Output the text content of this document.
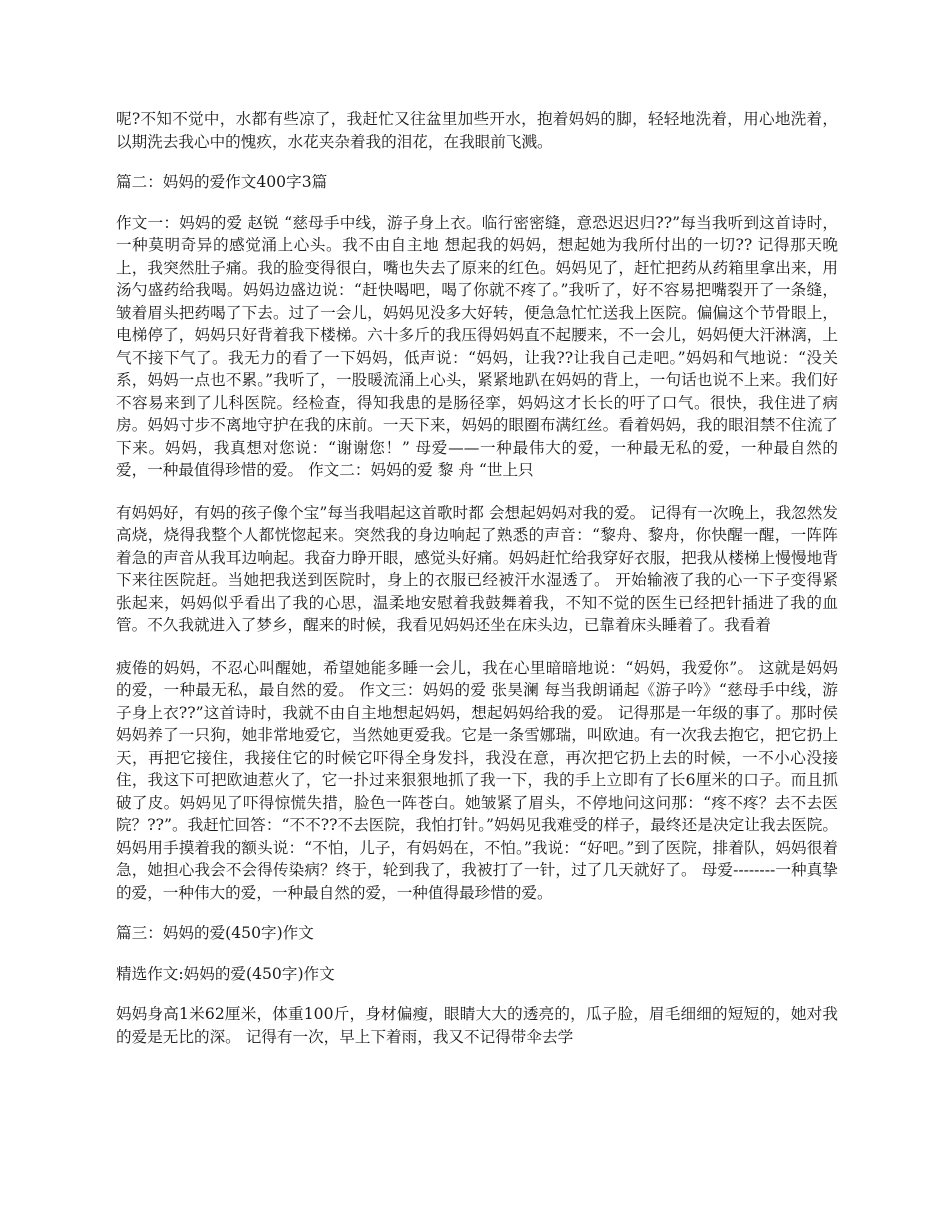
呢?不知不觉中，水都有些凉了，我赶忙又往盆里加些开水，抱着妈妈的脚，轻轻地洗着，用心地洗着，以期洗去我心中的愧疚，水花夹杂着我的泪花，在我眼前飞溅。

篇二：妈妈的爱作文400字3篇

作文一：妈妈的爱 赵锐 “慈母手中线，游子身上衣。临行密密缝，意恐迟迟归??”每当我听到这首诗时，一种莫明奇异的感觉涌上心头。我不由自主地 想起我的妈妈，想起她为我所付出的一切?? 记得那天晚上，我突然肚子痛。我的脸变得很白，嘴也失去了原来的红色。妈妈见了，赶忙把药从药箱里拿出来，用汤勺盛药给我喝。妈妈边盛边说：“赶快喝吧，喝了你就不疼了。”我听了，好不容易把嘴裂开了一条缝，皱着眉头把药喝了下去。过了一会儿，妈妈见没多大好转，便急急忙忙送我上医院。偏偏这个节骨眼上，电梯停了，妈妈只好背着我下楼梯。六十多斤的我压得妈妈直不起腰来，不一会儿，妈妈便大汗淋漓，上气不接下气了。我无力的看了一下妈妈，低声说：“妈妈，让我??让我自己走吧。”妈妈和气地说：“没关系，妈妈一点也不累。”我听了，一股暖流涌上心头，紧紧地趴在妈妈的背上，一句话也说不上来。我们好不容易来到了儿科医院。经检查，得知我患的是肠径挛，妈妈这才长长的吁了口气。很快，我住进了病房。妈妈寸步不离地守护在我的床前。一天下来，妈妈的眼圈布满红丝。看着妈妈，我的眼泪禁不住流了下来。妈妈，我真想对您说：“谢谢您！” 母爱——一种最伟大的爱，一种最无私的爱，一种最自然的爱，一种最值得珍惜的爱。 作文二：妈妈的爱 黎 舟 “世上只

有妈妈好，有妈的孩子像个宝”每当我唱起这首歌时都 会想起妈妈对我的爱。 记得有一次晚上，我忽然发高烧，烧得我整个人都恍惚起来。突然我的身边响起了熟悉的声音：“黎舟、黎舟，你快醒一醒，一阵阵着急的声音从我耳边响起。我奋力睁开眼，感觉头好痛。妈妈赶忙给我穿好衣服，把我从楼梯上慢慢地背下来往医院赶。当她把我送到医院时，身上的衣服已经被汗水湿透了。 开始输液了我的心一下子变得紧张起来，妈妈似乎看出了我的心思，温柔地安慰着我鼓舞着我，不知不觉的医生已经把针插进了我的血管。不久我就进入了梦乡，醒来的时候，我看见妈妈还坐在床头边，已靠着床头睡着了。我看着

疲倦的妈妈，不忍心叫醒她，希望她能多睡一会儿，我在心里暗暗地说：“妈妈，我爱你”。 这就是妈妈的爱，一种最无私，最自然的爱。 作文三：妈妈的爱 张昊澜 每当我朗诵起《游子吟》“慈母手中线，游子身上衣??”这首诗时，我就不由自主地想起妈妈，想起妈妈给我的爱。 记得那是一年级的事了。那时侯妈妈养了一只狗，她非常地爱它，当然她更爱我。它是一条雪娜瑞，叫欧迪。有一次我去抱它，把它扔上天，再把它接住，我接住它的时候它吓得全身发抖，我没在意，再次把它扔上去的时候，一不小心没接住，我这下可把欧迪惹火了，它一扑过来狠狠地抓了我一下，我的手上立即有了长6厘米的口子。而且抓破了皮。妈妈见了吓得惊慌失措，脸色一阵苍白。她皱紧了眉头，不停地问这问那：“疼不疼？去不去医院？??”。我赶忙回答：“不不??不去医院，我怕打针。”妈妈见我难受的样子，最终还是决定让我去医院。妈妈用手摸着我的额头说：“不怕，儿子，有妈妈在，不怕。”我说：“好吧。”到了医院，排着队，妈妈很着急，她担心我会不会得传染病？终于，轮到我了，我被打了一针，过了几天就好了。 母爱--------一种真挚的爱，一种伟大的爱，一种最自然的爱，一种值得最珍惜的爱。

篇三：妈妈的爱(450字)作文

精选作文:妈妈的爱(450字)作文

妈妈身高1米62厘米，体重100斤，身材偏瘦，眼睛大大的透亮的，瓜子脸，眉毛细细的短短的，她对我的爱是无比的深。 记得有一次，早上下着雨，我又不记得带伞去学
